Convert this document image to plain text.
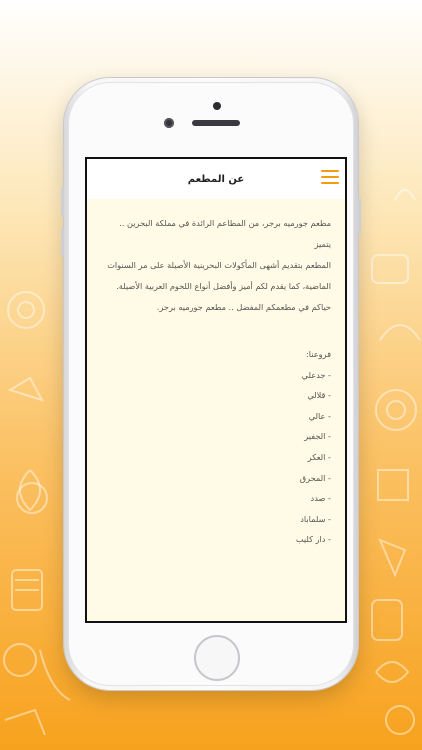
عن المطعم

مطعم جورميه برجر، من المطاعم الرائدة في مملكة البحرين .. يتميز

المطعم بتقديم أشهى المأكولات البحرينية الأصيلة على مر السنوات

الماضية، كما يقدم لكم أميز وأفضل أنواع اللحوم العربية الأصيلة.

حياكم في مطعمكم المفضل .. مطعم جورميه برجر.

فروعنا:
- جدعلي
- قلالي
- عالي
- الجفير
- العكر
- المحرق
- صدد
- سلماباد
- دار كليب
